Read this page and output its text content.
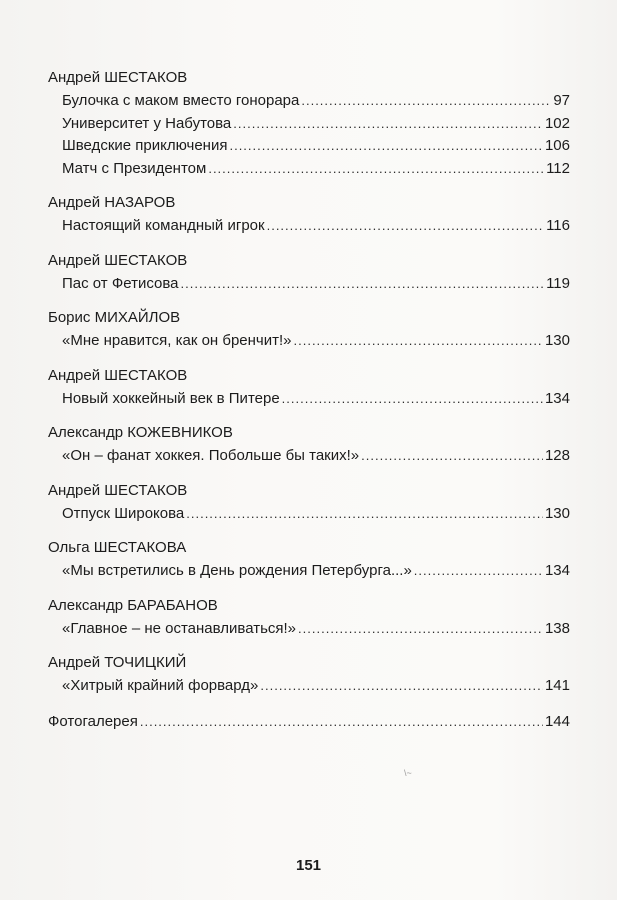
Андрей ШЕСТАКОВ
Булочка с маком вместо гонорара .....	97
Университет у Набутова .....	102
Шведские приключения .....	106
Матч с Президентом .....	112
Андрей НАЗАРОВ
Настоящий командный игрок .....	116
Андрей ШЕСТАКОВ
Пас от Фетисова .....	119
Борис МИХАЙЛОВ
«Мне нравится, как он бренчит!» .....	130
Андрей ШЕСТАКОВ
Новый хоккейный век в Питере .....	134
Александр КОЖЕВНИКОВ
«Он – фанат хоккея. Побольше бы таких!» .....	128
Андрей ШЕСТАКОВ
Отпуск Широкова .....	130
Ольга ШЕСТАКОВА
«Мы встретились в День рождения Петербурга...» .....	134
Александр БАРАБАНОВ
«Главное – не останавливаться!» .....	138
Андрей ТОЧИЦКИЙ
«Хитрый крайний форвард» .....	141
Фотогалерея .....	144
\~
151
